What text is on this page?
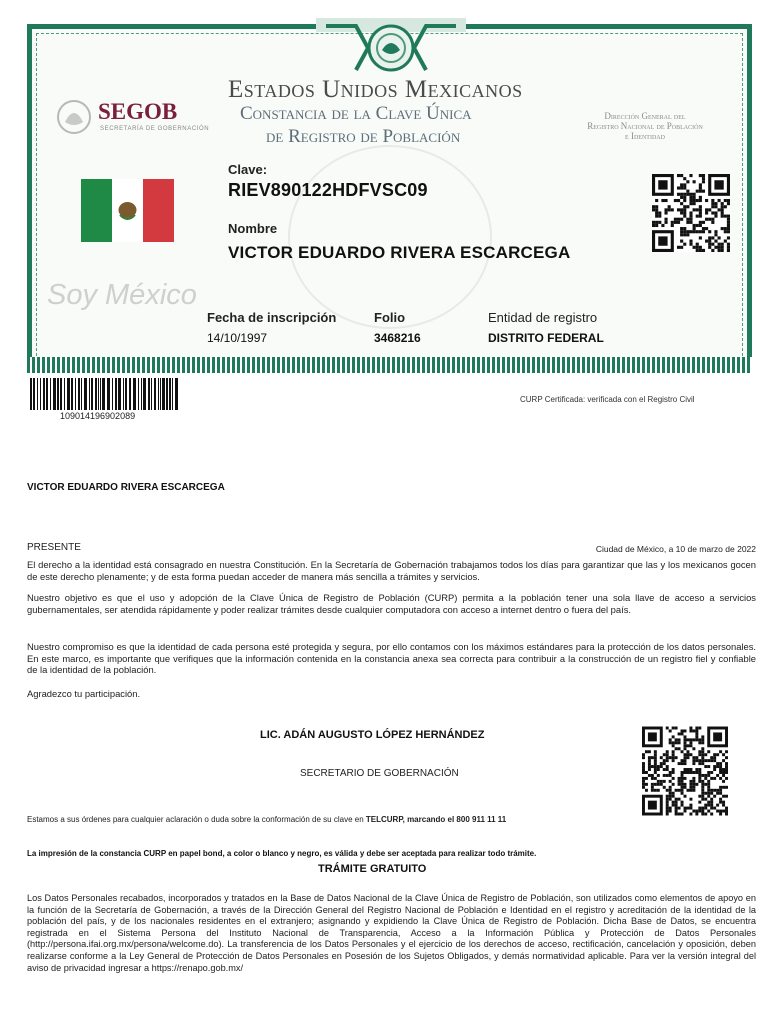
Estados Unidos Mexicanos
Constancia de la Clave Única
de Registro de Población
Dirección General del
Registro Nacional de Población
e Identidad
SEGOB
SECRETARÍA DE GOBERNACIÓN
Soy México
Clave:
RIEV890122HDFVSC09
Nombre
VICTOR EDUARDO RIVERA ESCARCEGA
Fecha de inscripción
14/10/1997
Folio
3468216
Entidad de registro
DISTRITO FEDERAL
109014196902089
CURP Certificada: verificada con el Registro Civil
VICTOR EDUARDO RIVERA ESCARCEGA
PRESENTE	Ciudad de México, a 10 de marzo de 2022
El derecho a la identidad está consagrado en nuestra Constitución. En la Secretaría de Gobernación trabajamos todos los días para garantizar que las y los mexicanos gocen de este derecho plenamente; y de esta forma puedan acceder de manera más sencilla a trámites y servicios.
Nuestro objetivo es que el uso y adopción de la Clave Única de Registro de Población (CURP) permita a la población tener una sola llave de acceso a servicios gubernamentales, ser atendida rápidamente y poder realizar trámites desde cualquier computadora con acceso a internet dentro o fuera del país.
Nuestro compromiso es que la identidad de cada persona esté protegida y segura, por ello contamos con los máximos estándares para la protección de los datos personales. En este marco, es importante que verifiques que la información contenida en la constancia anexa sea correcta para contribuir a la construcción de un registro fiel y confiable de la identidad de la población.
Agradezco tu participación.
LIC. ADÁN AUGUSTO LÓPEZ HERNÁNDEZ
SECRETARIO DE GOBERNACIÓN
Estamos a sus órdenes para cualquier aclaración o duda sobre la conformación de su clave en TELCURP, marcando el 800 911 11 11
La impresión de la constancia CURP en papel bond, a color o blanco y negro, es válida y debe ser aceptada para realizar todo trámite.
TRÁMITE GRATUITO
Los Datos Personales recabados, incorporados y tratados en la Base de Datos Nacional de la Clave Única de Registro de Población, son utilizados como elementos de apoyo en la función de la Secretaría de Gobernación, a través de la Dirección General del Registro Nacional de Población e Identidad en el registro y acreditación de la identidad de la población del país, y de los nacionales residentes en el extranjero; asignando y expidiendo la Clave Única de Registro de Población. Dicha Base de Datos, se encuentra registrada en el Sistema Persona del Instituto Nacional de Transparencia, Acceso a la Información Pública y Protección de Datos Personales (http://persona.ifai.org.mx/persona/welcome.do). La transferencia de los Datos Personales y el ejercicio de los derechos de acceso, rectificación, cancelación y oposición, deben realizarse conforme a la Ley General de Protección de Datos Personales en Posesión de los Sujetos Obligados, y demás normatividad aplicable. Para ver la versión integral del aviso de privacidad ingresar a https://renapo.gob.mx/
